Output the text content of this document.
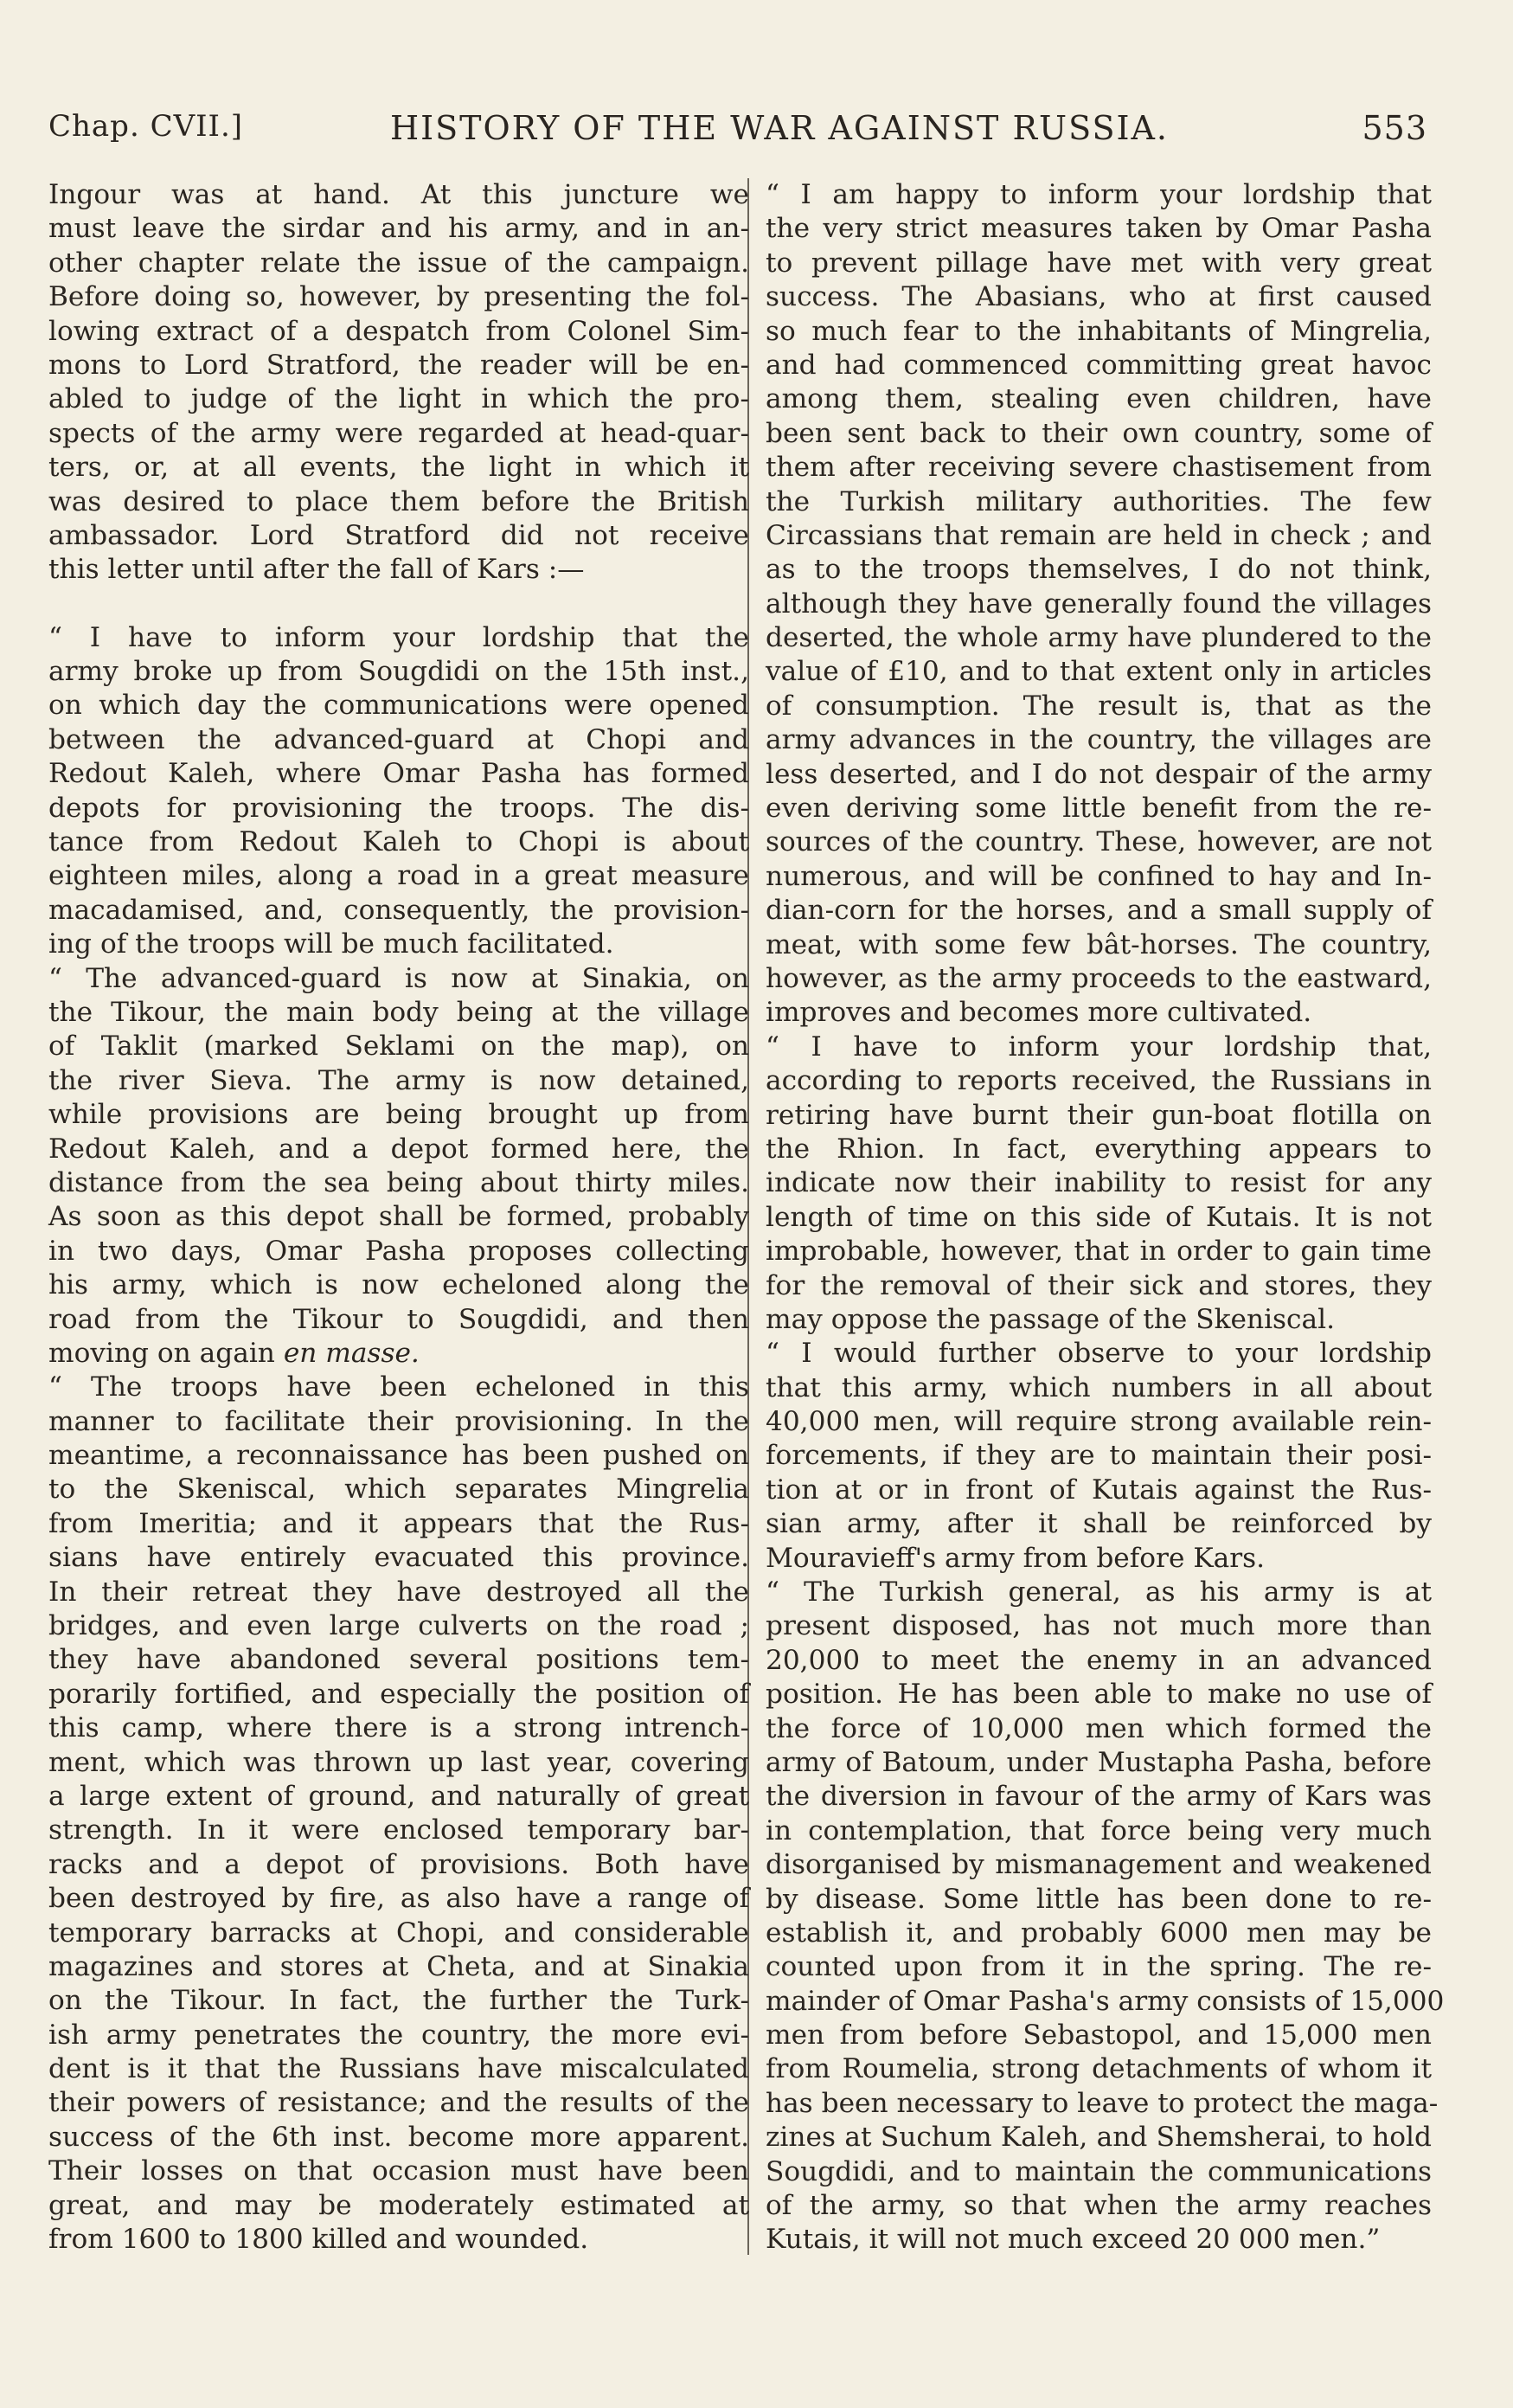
Chap. CVII.]	HISTORY OF THE WAR AGAINST RUSSIA.	553
Ingour was at hand. At this juncture we
must leave the sirdar and his army, and in an-
other chapter relate the issue of the campaign.
Before doing so, however, by presenting the fol-
lowing extract of a despatch from Colonel Sim-
mons to Lord Stratford, the reader will be en-
abled to judge of the light in which the pro-
spects of the army were regarded at head-quar-
ters, or, at all events, the light in which it
was desired to place them before the British
ambassador. Lord Stratford did not receive
this letter until after the fall of Kars :—
“ I have to inform your lordship that the
army broke up from Sougdidi on the 15th inst.,
on which day the communications were opened
between the advanced-guard at Chopi and
Redout Kaleh, where Omar Pasha has formed
depots for provisioning the troops. The dis-
tance from Redout Kaleh to Chopi is about
eighteen miles, along a road in a great measure
macadamised, and, consequently, the provision-
ing of the troops will be much facilitated.
“ The advanced-guard is now at Sinakia, on
the Tikour, the main body being at the village
of Taklit (marked Seklami on the map), on
the river Sieva. The army is now detained,
while provisions are being brought up from
Redout Kaleh, and a depot formed here, the
distance from the sea being about thirty miles.
As soon as this depot shall be formed, probably
in two days, Omar Pasha proposes collecting
his army, which is now echeloned along the
road from the Tikour to Sougdidi, and then
moving on again en masse.
“ The troops have been echeloned in this
manner to facilitate their provisioning. In the
meantime, a reconnaissance has been pushed on
to the Skeniscal, which separates Mingrelia
from Imeritia; and it appears that the Rus-
sians have entirely evacuated this province.
In their retreat they have destroyed all the
bridges, and even large culverts on the road ;
they have abandoned several positions tem-
porarily fortified, and especially the position of
this camp, where there is a strong intrench-
ment, which was thrown up last year, covering
a large extent of ground, and naturally of great
strength. In it were enclosed temporary bar-
racks and a depot of provisions. Both have
been destroyed by fire, as also have a range of
temporary barracks at Chopi, and considerable
magazines and stores at Cheta, and at Sinakia
on the Tikour. In fact, the further the Turk-
ish army penetrates the country, the more evi-
dent is it that the Russians have miscalculated
their powers of resistance; and the results of the
success of the 6th inst. become more apparent.
Their losses on that occasion must have been
great, and may be moderately estimated at
from 1600 to 1800 killed and wounded.
“ I am happy to inform your lordship that
the very strict measures taken by Omar Pasha
to prevent pillage have met with very great
success. The Abasians, who at first caused
so much fear to the inhabitants of Mingrelia,
and had commenced committing great havoc
among them, stealing even children, have
been sent back to their own country, some of
them after receiving severe chastisement from
the Turkish military authorities. The few
Circassians that remain are held in check ; and
as to the troops themselves, I do not think,
although they have generally found the villages
deserted, the whole army have plundered to the
value of £10, and to that extent only in articles
of consumption. The result is, that as the
army advances in the country, the villages are
less deserted, and I do not despair of the army
even deriving some little benefit from the re-
sources of the country. These, however, are not
numerous, and will be confined to hay and In-
dian-corn for the horses, and a small supply of
meat, with some few bât-horses. The country,
however, as the army proceeds to the eastward,
improves and becomes more cultivated.
“ I have to inform your lordship that,
according to reports received, the Russians in
retiring have burnt their gun-boat flotilla on
the Rhion. In fact, everything appears to
indicate now their inability to resist for any
length of time on this side of Kutais. It is not
improbable, however, that in order to gain time
for the removal of their sick and stores, they
may oppose the passage of the Skeniscal.
“ I would further observe to your lordship
that this army, which numbers in all about
40,000 men, will require strong available rein-
forcements, if they are to maintain their posi-
tion at or in front of Kutais against the Rus-
sian army, after it shall be reinforced by
Mouravieff's army from before Kars.
“ The Turkish general, as his army is at
present disposed, has not much more than
20,000 to meet the enemy in an advanced
position. He has been able to make no use of
the force of 10,000 men which formed the
army of Batoum, under Mustapha Pasha, before
the diversion in favour of the army of Kars was
in contemplation, that force being very much
disorganised by mismanagement and weakened
by disease. Some little has been done to re-
establish it, and probably 6000 men may be
counted upon from it in the spring. The re-
mainder of Omar Pasha's army consists of 15,000
men from before Sebastopol, and 15,000 men
from Roumelia, strong detachments of whom it
has been necessary to leave to protect the maga-
zines at Suchum Kaleh, and Shemsherai, to hold
Sougdidi, and to maintain the communications
of the army, so that when the army reaches
Kutais, it will not much exceed 20 000 men.”
